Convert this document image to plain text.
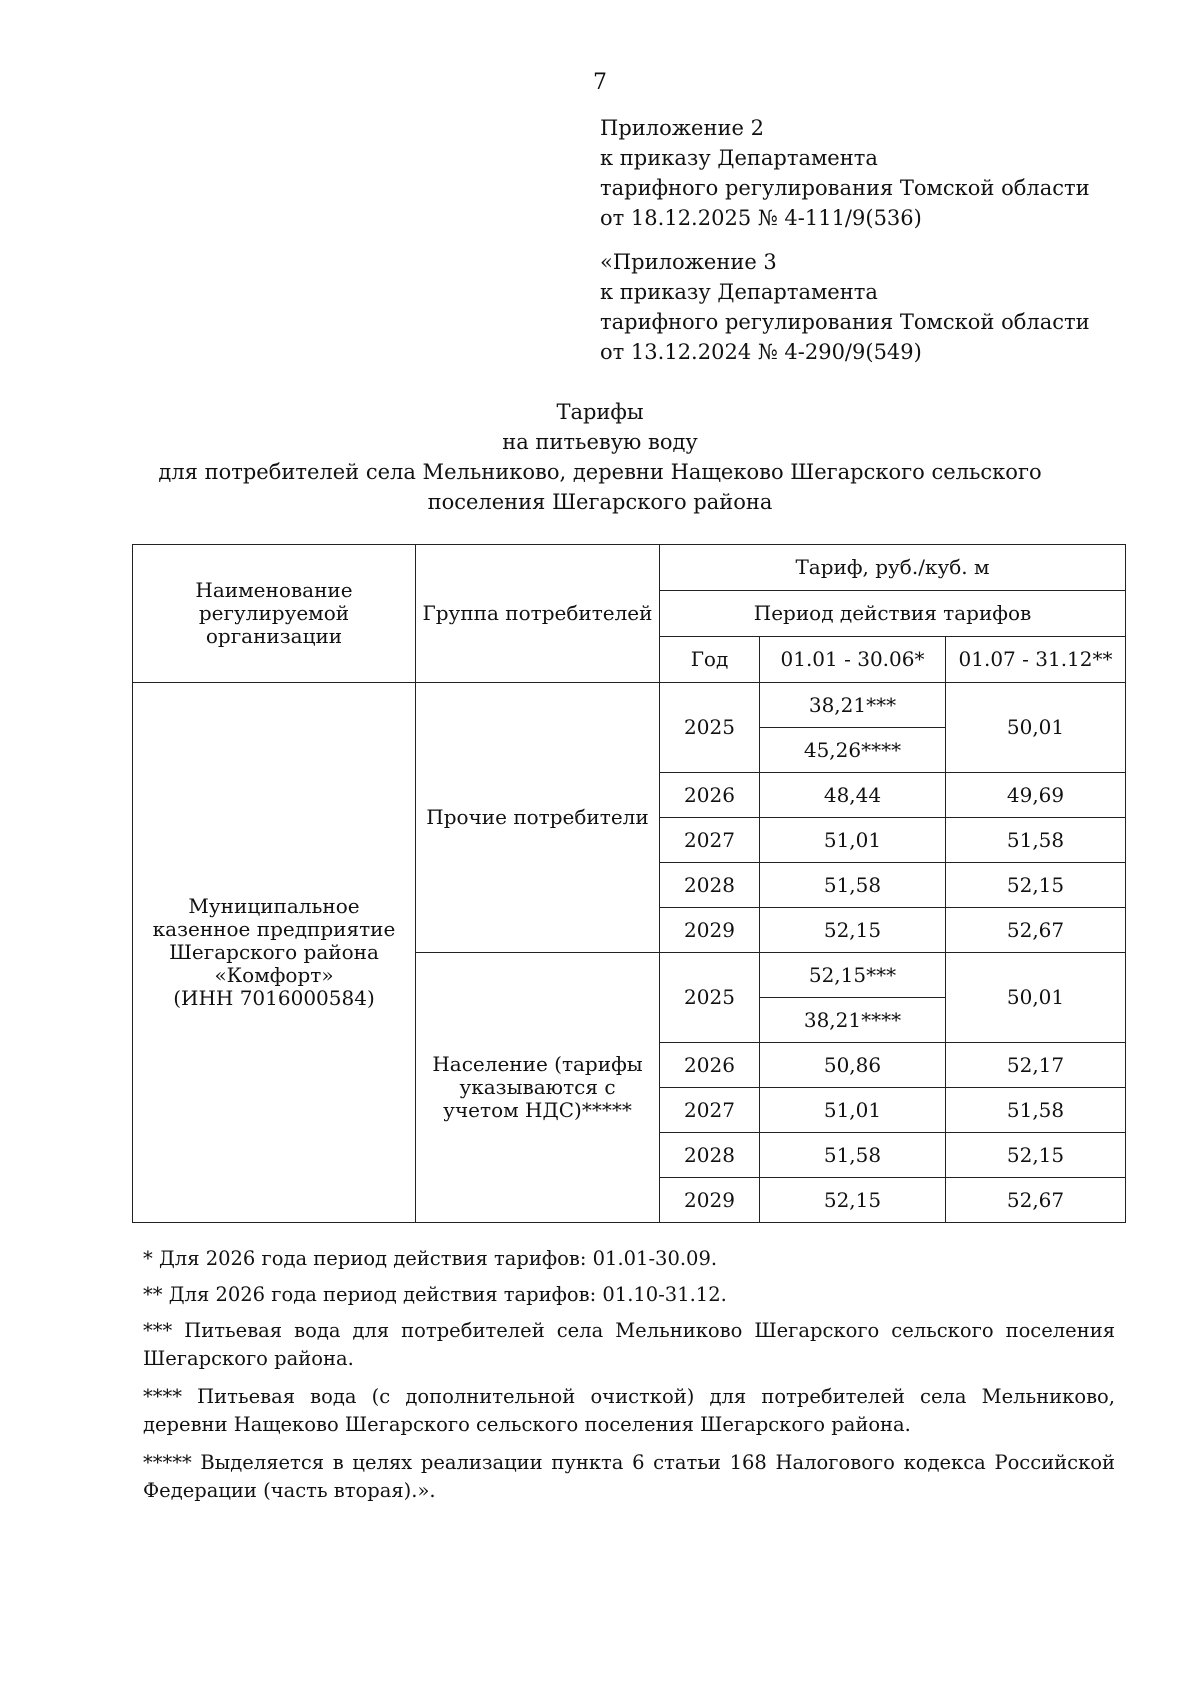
7
Приложение 2
к приказу Департамента
тарифного регулирования Томской области
от 18.12.2025 № 4-111/9(536)
«Приложение 3
к приказу Департамента
тарифного регулирования Томской области
от 13.12.2024 № 4-290/9(549)
Тарифы
на питьевую воду
для потребителей села Мельниково, деревни Нащеково Шегарского сельского
поселения Шегарского района
Наименование регулируемой организации	Группа потребителей	Тариф, руб./куб. м		
		Период действия тарифов		
		Год	01.01 - 30.06*	01.07 - 31.12**

Муниципальное
казенное предприятие
Шегарского района
«Комфорт»
(ИНН 7016000584)	Прочие потребители	2025	38,21***	50,01
			45,26****	
		2026	48,44	49,69
		2027	51,01	51,58
		2028	51,58	52,15
		2029	52,15	52,67

	Население (тарифы
указываются с
учетом НДС)*****	2025	52,15***	50,01
			38,21****	
		2026	50,86	52,17
		2027	51,01	51,58
		2028	51,58	52,15
		2029	52,15	52,67

* Для 2026 года период действия тарифов: 01.01-30.09.

** Для 2026 года период действия тарифов: 01.10-31.12.

*** Питьевая вода для потребителей села Мельниково Шегарского сельского поселения Шегарского района.

**** Питьевая вода (с дополнительной очисткой) для потребителей села Мельниково, деревни Нащеково Шегарского сельского поселения Шегарского района.

***** Выделяется в целях реализации пункта 6 статьи 168 Налогового кодекса Российской Федерации (часть вторая).».
